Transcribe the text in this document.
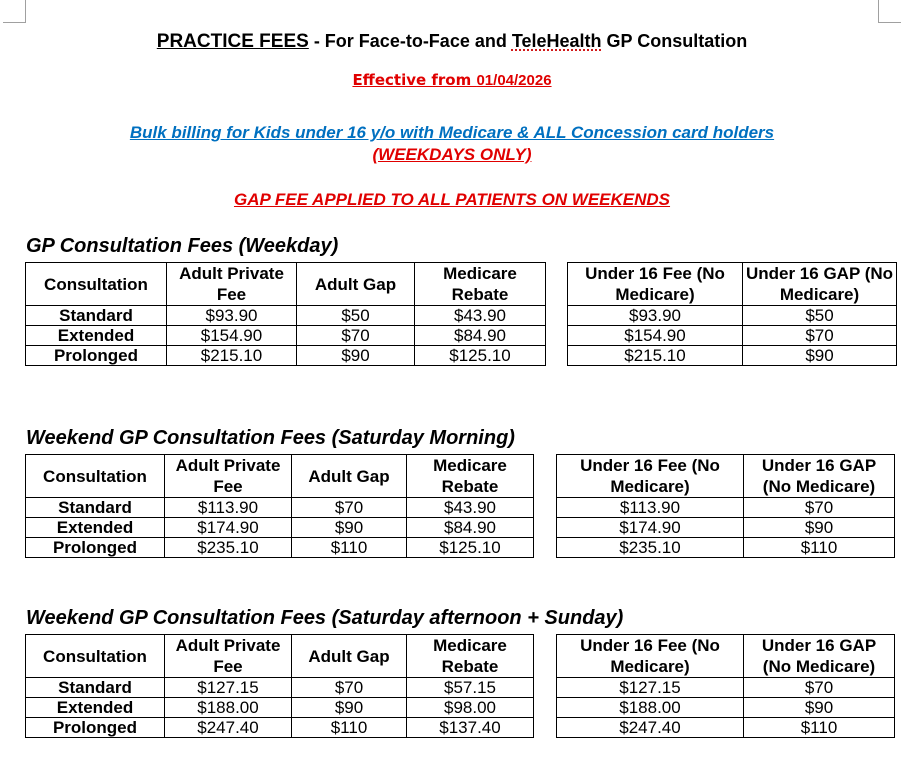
PRACTICE FEES - For Face-to-Face and TeleHealth GP Consultation
Effective from 01/04/2026
Bulk billing for Kids under 16 y/o with Medicare & ALL Concession card holders
(WEEKDAYS ONLY)
GAP FEE APPLIED TO ALL PATIENTS ON WEEKENDS
GP Consultation Fees (Weekday)
Consultation	Adult Private Fee	Adult Gap	Medicare Rebate
Standard	$93.90	$50	$43.90
Extended	$154.90	$70	$84.90
Prolonged	$215.10	$90	$125.10
Under 16 Fee (No Medicare)	Under 16 GAP (No Medicare)
$93.90	$50
$154.90	$70
$215.10	$90
Weekend GP Consultation Fees (Saturday Morning)
Consultation	Adult Private Fee	Adult Gap	Medicare Rebate
Standard	$113.90	$70	$43.90
Extended	$174.90	$90	$84.90
Prolonged	$235.10	$110	$125.10
Under 16 Fee (No Medicare)	Under 16 GAP (No Medicare)
$113.90	$70
$174.90	$90
$235.10	$110
Weekend GP Consultation Fees (Saturday afternoon + Sunday)
Consultation	Adult Private Fee	Adult Gap	Medicare Rebate
Standard	$127.15	$70	$57.15
Extended	$188.00	$90	$98.00
Prolonged	$247.40	$110	$137.40
Under 16 Fee (No Medicare)	Under 16 GAP (No Medicare)
$127.15	$70
$188.00	$90
$247.40	$110
